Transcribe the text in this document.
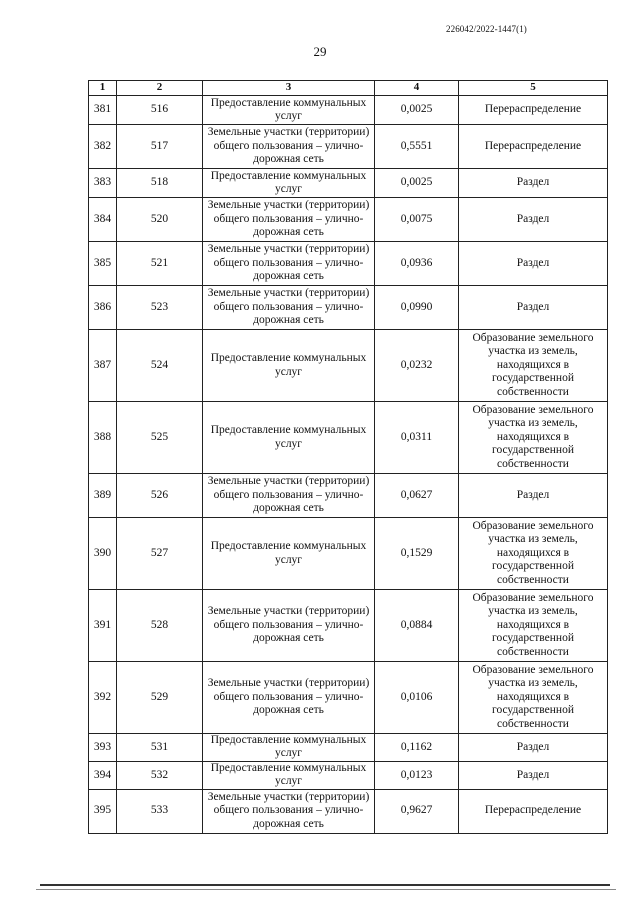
226042/2022-1447(1)
29
1	2	3	4	5
381	516	Предоставление коммунальных услуг	0,0025	Перераспределение
382	517	Земельные участки (территории) общего пользования – улично-дорожная сеть	0,5551	Перераспределение
383	518	Предоставление коммунальных услуг	0,0025	Раздел
384	520	Земельные участки (территории) общего пользования – улично-дорожная сеть	0,0075	Раздел
385	521	Земельные участки (территории) общего пользования – улично-дорожная сеть	0,0936	Раздел
386	523	Земельные участки (территории) общего пользования – улично-дорожная сеть	0,0990	Раздел
387	524	Предоставление коммунальных услуг	0,0232	Образование земельного участка из земель, находящихся в государственной собственности
388	525	Предоставление коммунальных услуг	0,0311	Образование земельного участка из земель, находящихся в государственной собственности
389	526	Земельные участки (территории) общего пользования – улично-дорожная сеть	0,0627	Раздел
390	527	Предоставление коммунальных услуг	0,1529	Образование земельного участка из земель, находящихся в государственной собственности
391	528	Земельные участки (территории) общего пользования – улично-дорожная сеть	0,0884	Образование земельного участка из земель, находящихся в государственной собственности
392	529	Земельные участки (территории) общего пользования – улично-дорожная сеть	0,0106	Образование земельного участка из земель, находящихся в государственной собственности
393	531	Предоставление коммунальных услуг	0,1162	Раздел
394	532	Предоставление коммунальных услуг	0,0123	Раздел
395	533	Земельные участки (территории) общего пользования – улично-дорожная сеть	0,9627	Перераспределение
